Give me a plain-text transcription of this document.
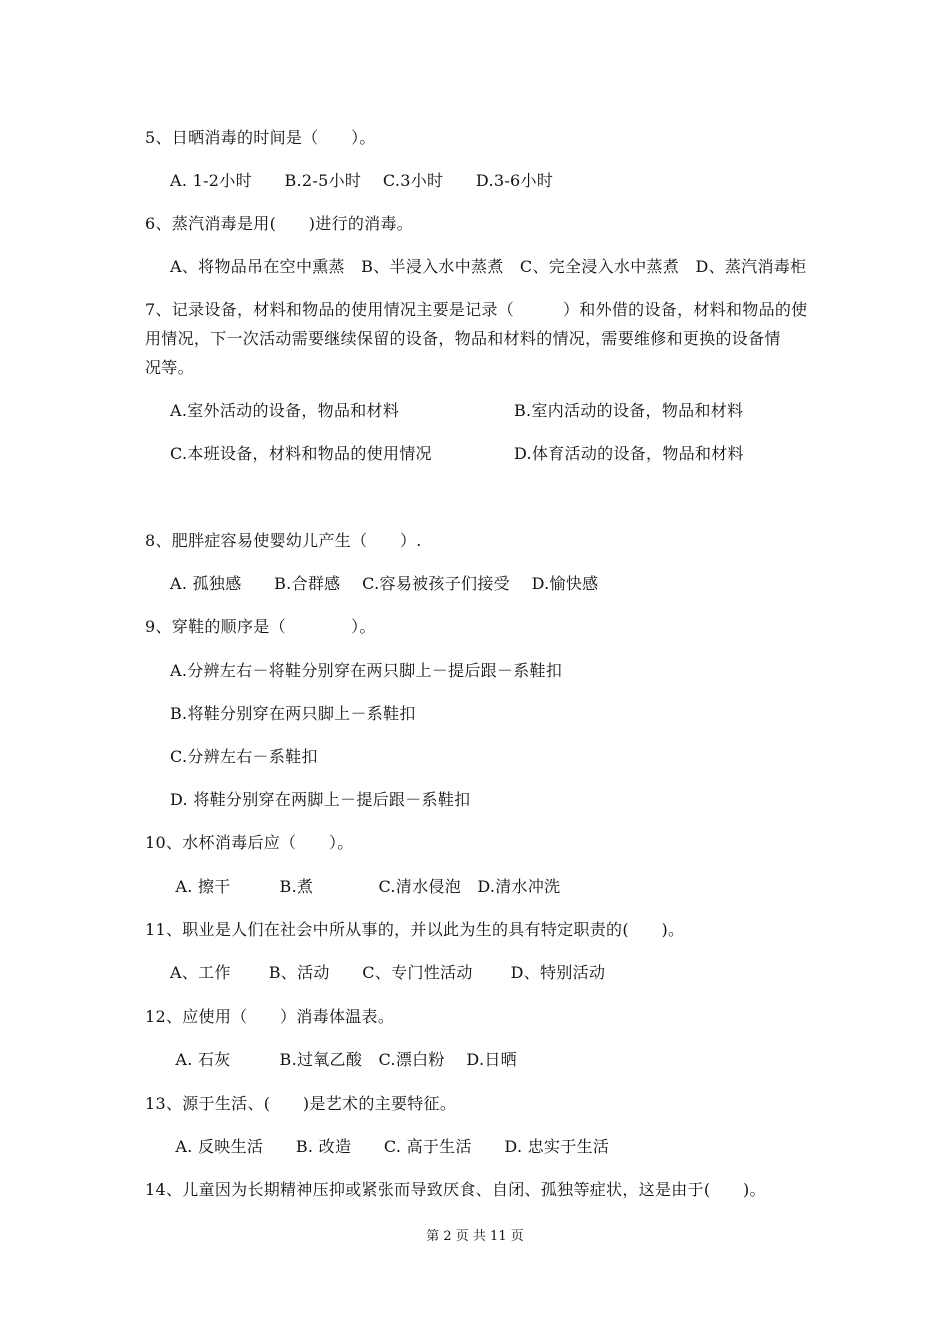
5、日晒消毒的时间是（　　）。
A. 1-2小时　　B.2-5小时　 C.3小时　　D.3-6小时
6、蒸汽消毒是用(　　)进行的消毒。
A、将物品吊在空中熏蒸　B、半浸入水中蒸煮　C、完全浸入水中蒸煮　D、蒸汽消毒柜
7、记录设备，材料和物品的使用情况主要是记录（　　　）和外借的设备，材料和物品的使
用情况，下一次活动需要继续保留的设备，物品和材料的情况，需要维修和更换的设备情
况等。
A.室外活动的设备，物品和材料	B.室内活动的设备，物品和材料
C.本班设备，材料和物品的使用情况	D.体育活动的设备，物品和材料
8、肥胖症容易使婴幼儿产生（　　）.
A. 孤独感　　B.合群感　 C.容易被孩子们接受　 D.愉快感
9、穿鞋的顺序是（　　　　）。
A.分辨左右－将鞋分别穿在两只脚上－提后跟－系鞋扣
B.将鞋分别穿在两只脚上－系鞋扣
C.分辨左右－系鞋扣
D. 将鞋分别穿在两脚上－提后跟－系鞋扣
10、水杯消毒后应（　　）。
A. 擦干　　　B.煮　　　　C.清水侵泡　D.清水冲洗
11、职业是人们在社会中所从事的，并以此为生的具有特定职责的(　　)。
A、工作　　 B、活动　　C、专门性活动　　 D、特别活动
12、应使用（　　）消毒体温表。
A. 石灰　　　B.过氧乙酸　C.漂白粉　 D.日晒
13、源于生活、(　　)是艺术的主要特征。
A. 反映生活　　B. 改造　　C. 高于生活　　D. 忠实于生活
14、儿童因为长期精神压抑或紧张而导致厌食、自闭、孤独等症状，这是由于(　　)。
第 2 页 共 11 页
